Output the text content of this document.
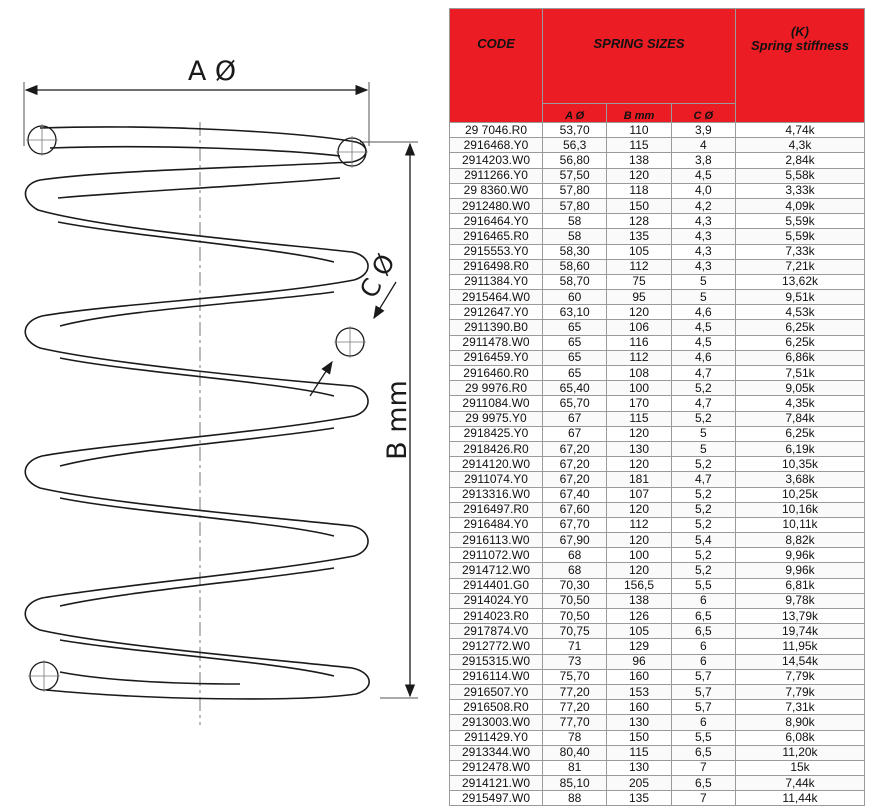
A Ø
B mm
C Ø
CODE	SPRING SIZES			(K)
Spring stiffness
	A Ø	B mm	C Ø	
29 7046.R0	53,70	110	3,9	4,74k
2916468.Y0	56,3	115	4	4,3k
2914203.W0	56,80	138	3,8	2,84k
2911266.Y0	57,50	120	4,5	5,58k
29 8360.W0	57,80	118	4,0	3,33k
2912480.W0	57,80	150	4,2	4,09k
2916464.Y0	58	128	4,3	5,59k
2916465.R0	58	135	4,3	5,59k
2915553.Y0	58,30	105	4,3	7,33k
2916498.R0	58,60	112	4,3	7,21k
2911384.Y0	58,70	75	5	13,62k
2915464.W0	60	95	5	9,51k
2912647.Y0	63,10	120	4,6	4,53k
2911390.B0	65	106	4,5	6,25k
2911478.W0	65	116	4,5	6,25k
2916459.Y0	65	112	4,6	6,86k
2916460.R0	65	108	4,7	7,51k
29 9976.R0	65,40	100	5,2	9,05k
2911084.W0	65,70	170	4,7	4,35k
29 9975.Y0	67	115	5,2	7,84k
2918425.Y0	67	120	5	6,25k
2918426.R0	67,20	130	5	6,19k
2914120.W0	67,20	120	5,2	10,35k
2911074.Y0	67,20	181	4,7	3,68k
2913316.W0	67,40	107	5,2	10,25k
2916497.R0	67,60	120	5,2	10,16k
2916484.Y0	67,70	112	5,2	10,11k
2916113.W0	67,90	120	5,4	8,82k
2911072.W0	68	100	5,2	9,96k
2914712.W0	68	120	5,2	9,96k
2914401.G0	70,30	156,5	5,5	6,81k
2914024.Y0	70,50	138	6	9,78k
2914023.R0	70,50	126	6,5	13,79k
2917874.V0	70,75	105	6,5	19,74k
2912772.W0	71	129	6	11,95k
2915315.W0	73	96	6	14,54k
2916114.W0	75,70	160	5,7	7,79k
2916507.Y0	77,20	153	5,7	7,79k
2916508.R0	77,20	160	5,7	7,31k
2913003.W0	77,70	130	6	8,90k
2911429.Y0	78	150	5,5	6,08k
2913344.W0	80,40	115	6,5	11,20k
2912478.W0	81	130	7	15k
2914121.W0	85,10	205	6,5	7,44k
2915497.W0	88	135	7	11,44k
